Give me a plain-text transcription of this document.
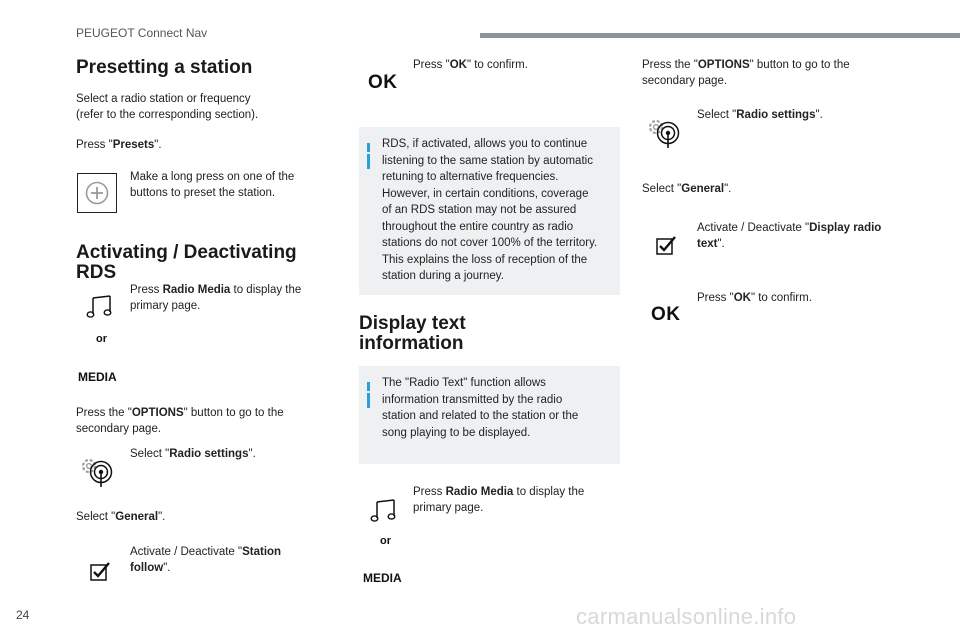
PEUGEOT Connect Nav
Presetting a station
Select a radio station or frequency
(refer to the corresponding section).
Press "Presets".
Make a long press on one of the
buttons to preset the station.
Activating / Deactivating
RDS
Press Radio Media to display the
primary page.
or
MEDIA
Press the "OPTIONS" button to go to the
secondary page.
Select "Radio settings".
Select "General".
Activate / Deactivate "Station
follow".
OK
Press "OK" to confirm.
RDS, if activated, allows you to continue
listening to the same station by automatic
retuning to alternative frequencies.
However, in certain conditions, coverage
of an RDS station may not be assured
throughout the entire country as radio
stations do not cover 100% of the territory.
This explains the loss of reception of the
station during a journey.
Display text
information
The "Radio Text" function allows
information transmitted by the radio
station and related to the station or the
song playing to be displayed.
Press Radio Media to display the
primary page.
or
MEDIA
Press the "OPTIONS" button to go to the
secondary page.
Select "Radio settings".
Select "General".
Activate / Deactivate "Display radio
text".
OK
Press "OK" to confirm.
24	carmanualsonline.info
